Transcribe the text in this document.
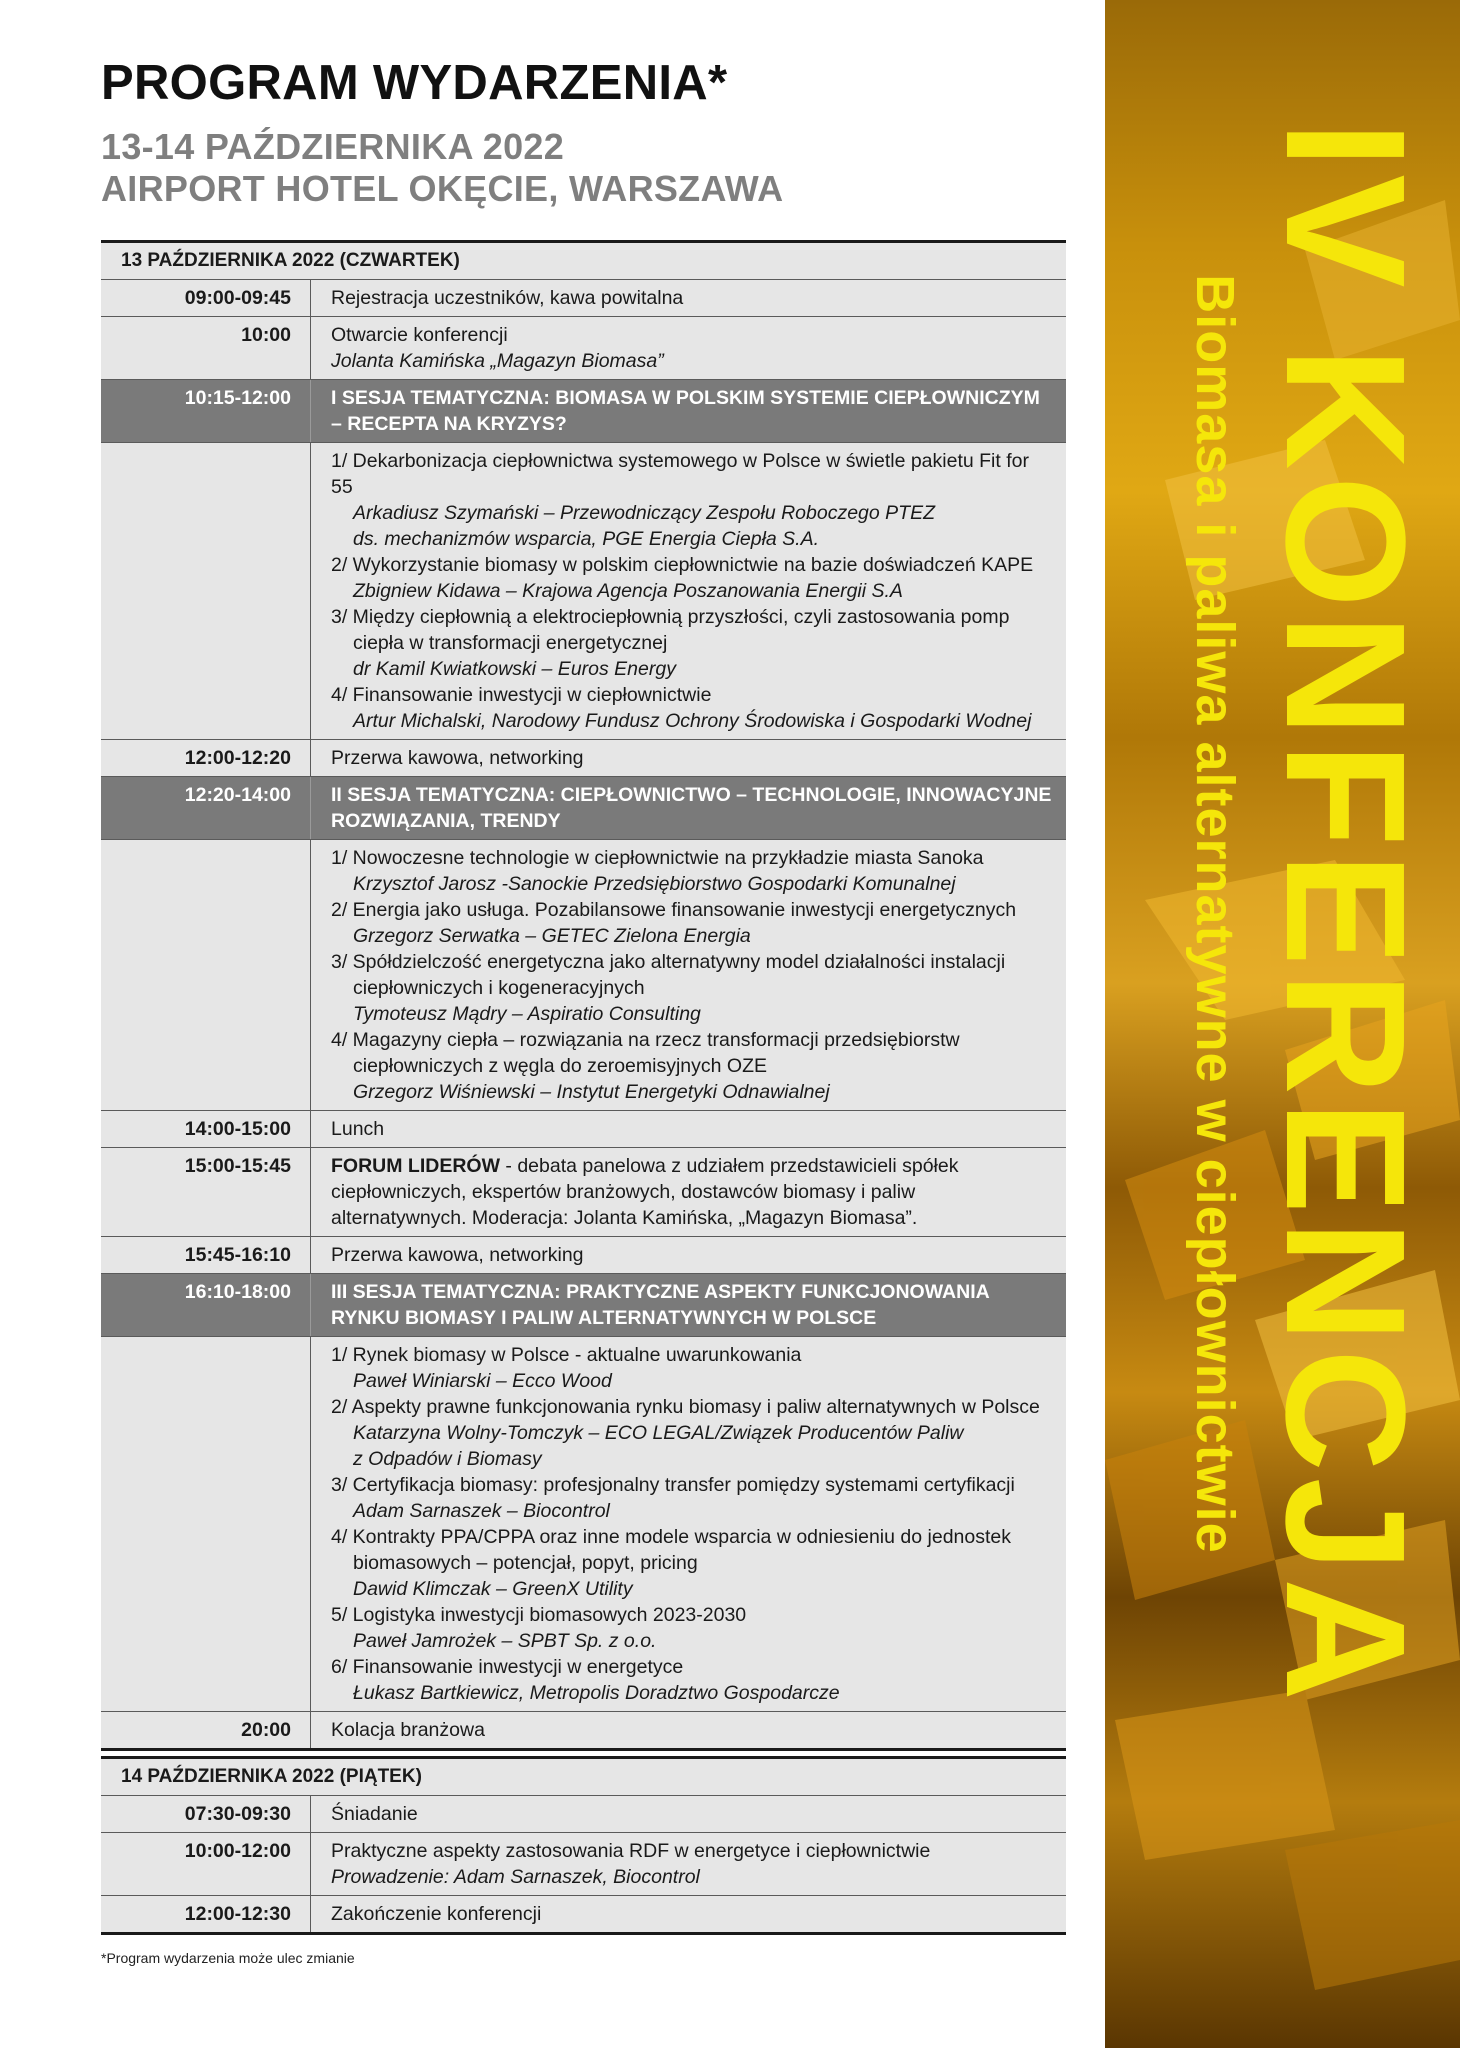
PROGRAM WYDARZENIA*
13-14 PAŹDZIERNIKA 2022
AIRPORT HOTEL OKĘCIE, WARSZAWA
13 PAŹDZIERNIKA 2022 (CZWARTEK)
09:00-09:45	Rejestracja uczestników, kawa powitalna
10:00	Otwarcie konferencji
Jolanta Kamińska „Magazyn Biomasa”
10:15-12:00	I SESJA TEMATYCZNA: BIOMASA W POLSKIM SYSTEMIE CIEPŁOWNICZYM – RECEPTA NA KRYZYS?
1/ Dekarbonizacja ciepłownictwa systemowego w Polsce w świetle pakietu Fit for 55
Arkadiusz Szymański – Przewodniczący Zespołu Roboczego PTEZ
ds. mechanizmów wsparcia, PGE Energia Ciepła S.A.
2/ Wykorzystanie biomasy w polskim ciepłownictwie na bazie doświadczeń KAPE
Zbigniew Kidawa – Krajowa Agencja Poszanowania Energii S.A
3/ Między ciepłownią a elektrociepłownią przyszłości, czyli zastosowania pomp
ciepła w transformacji energetycznej
dr Kamil Kwiatkowski – Euros Energy
4/ Finansowanie inwestycji w ciepłownictwie
Artur Michalski, Narodowy Fundusz Ochrony Środowiska i Gospodarki Wodnej
12:00-12:20	Przerwa kawowa, networking
12:20-14:00	II SESJA TEMATYCZNA: CIEPŁOWNICTWO – TECHNOLOGIE, INNOWACYJNE ROZWIĄZANIA, TRENDY
1/ Nowoczesne technologie w ciepłownictwie na przykładzie miasta Sanoka
Krzysztof Jarosz -Sanockie Przedsiębiorstwo Gospodarki Komunalnej
2/ Energia jako usługa. Pozabilansowe finansowanie inwestycji energetycznych
Grzegorz Serwatka – GETEC Zielona Energia
3/ Spółdzielczość energetyczna jako alternatywny model działalności instalacji
ciepłowniczych i kogeneracyjnych
Tymoteusz Mądry – Aspiratio Consulting
4/ Magazyny ciepła – rozwiązania na rzecz transformacji przedsiębiorstw
ciepłowniczych z węgla do zeroemisyjnych OZE
Grzegorz Wiśniewski – Instytut Energetyki Odnawialnej
14:00-15:00	Lunch
15:00-15:45	FORUM LIDERÓW - debata panelowa z udziałem przedstawicieli spółek ciepłowniczych, ekspertów branżowych, dostawców biomasy i paliw alternatywnych. Moderacja: Jolanta Kamińska, „Magazyn Biomasa”.
15:45-16:10	Przerwa kawowa, networking
16:10-18:00	III SESJA TEMATYCZNA: PRAKTYCZNE ASPEKTY FUNKCJONOWANIA RYNKU BIOMASY I PALIW ALTERNATYWNYCH W POLSCE
1/ Rynek biomasy w Polsce - aktualne uwarunkowania
Paweł Winiarski – Ecco Wood
2/ Aspekty prawne funkcjonowania rynku biomasy i paliw alternatywnych w Polsce
Katarzyna Wolny-Tomczyk – ECO LEGAL/Związek Producentów Paliw
z Odpadów i Biomasy
3/ Certyfikacja biomasy: profesjonalny transfer pomiędzy systemami certyfikacji
Adam Sarnaszek – Biocontrol
4/ Kontrakty PPA/CPPA oraz inne modele wsparcia w odniesieniu do jednostek
biomasowych – potencjał, popyt, pricing
Dawid Klimczak – GreenX Utility
5/ Logistyka inwestycji biomasowych 2023-2030
Paweł Jamrożek – SPBT Sp. z o.o.
6/ Finansowanie inwestycji w energetyce
Łukasz Bartkiewicz, Metropolis Doradztwo Gospodarcze
20:00	Kolacja branżowa
14 PAŹDZIERNIKA 2022 (PIĄTEK)
07:30-09:30	Śniadanie
10:00-12:00	Praktyczne aspekty zastosowania RDF w energetyce i ciepłownictwie
Prowadzenie: Adam Sarnaszek, Biocontrol
12:00-12:30	Zakończenie konferencji
*Program wydarzenia może ulec zmianie
IV KONFERENCJA
Biomasa i paliwa alternatywne w ciepłownictwie
